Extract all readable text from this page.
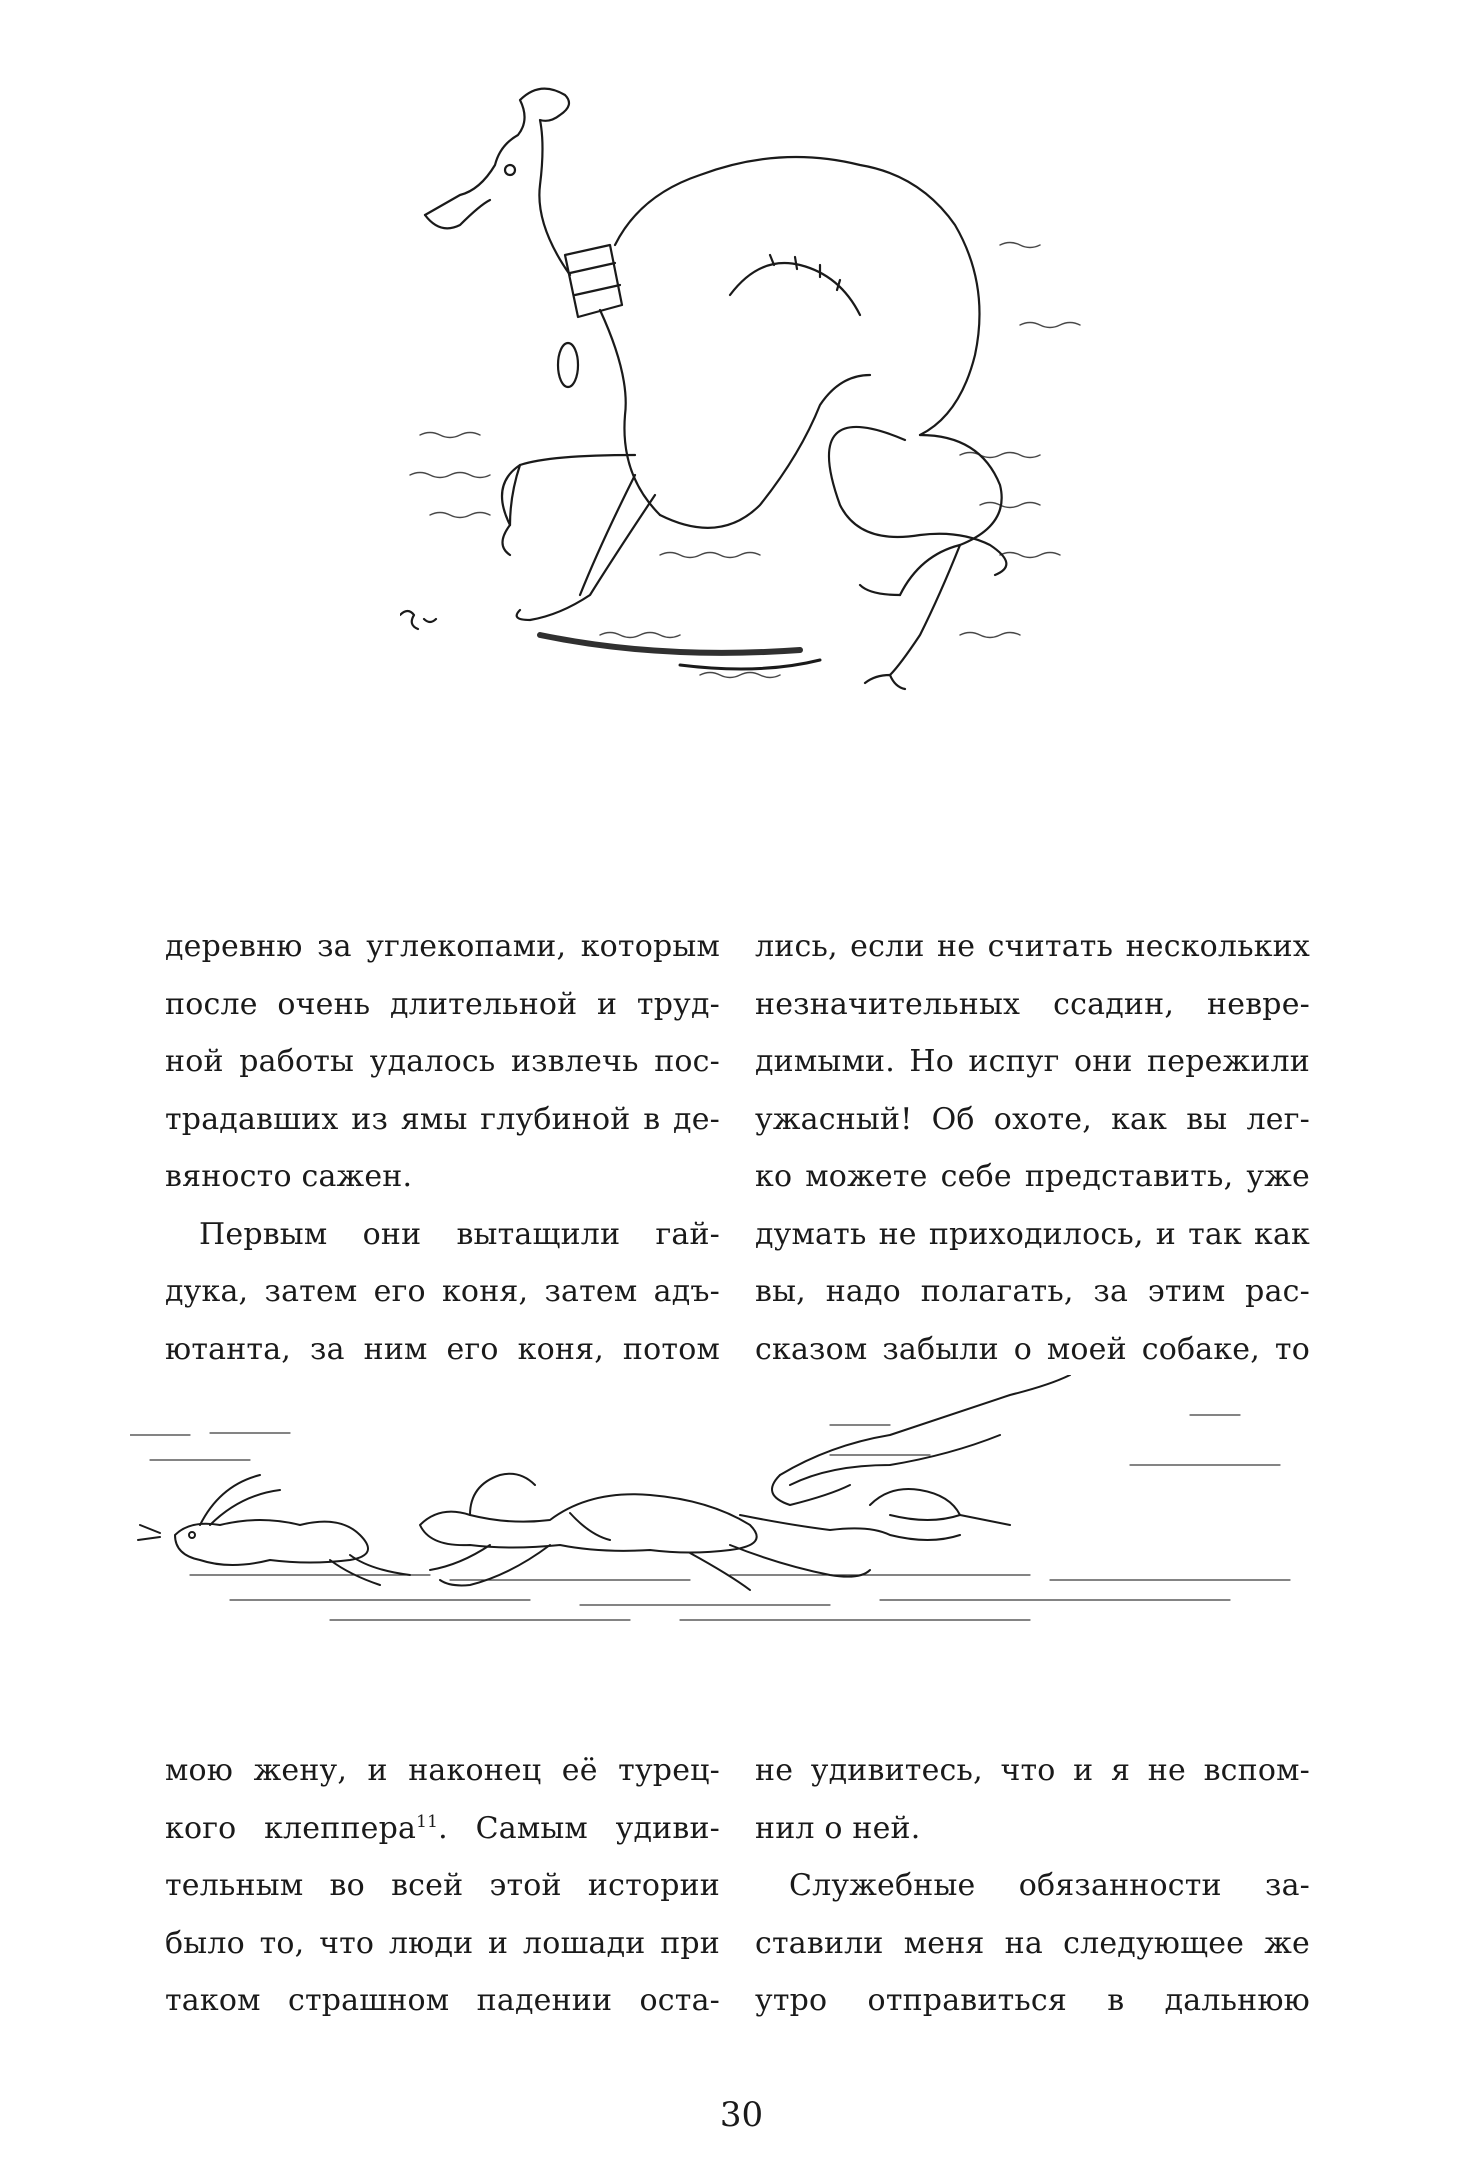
деревню за углекопами, которым
после очень длительной и труд-
ной работы удалось извлечь пос-
традавших из ямы глубиной в де-
вяносто сажен.
Первым они вытащили гай-
дука, затем его коня, затем адъ-
ютанта, за ним его коня, потом
лись, если не считать нескольких
незначительных ссадин, невре-
димыми. Но испуг они пережили
ужасный! Об охоте, как вы лег-
ко можете себе представить, уже
думать не приходилось, и так как
вы, надо полагать, за этим рас-
сказом забыли о моей собаке, то
мою жену, и наконец её турец-
кого клеппера$^{11}$. Самым удиви-
тельным во всей этой истории
было то, что люди и лошади при
таком страшном падении оста-
не удивитесь, что и я не вспом-
нил о ней.
Служебные обязанности за-
ставили меня на следующее же
утро отправиться в дальнюю
30
